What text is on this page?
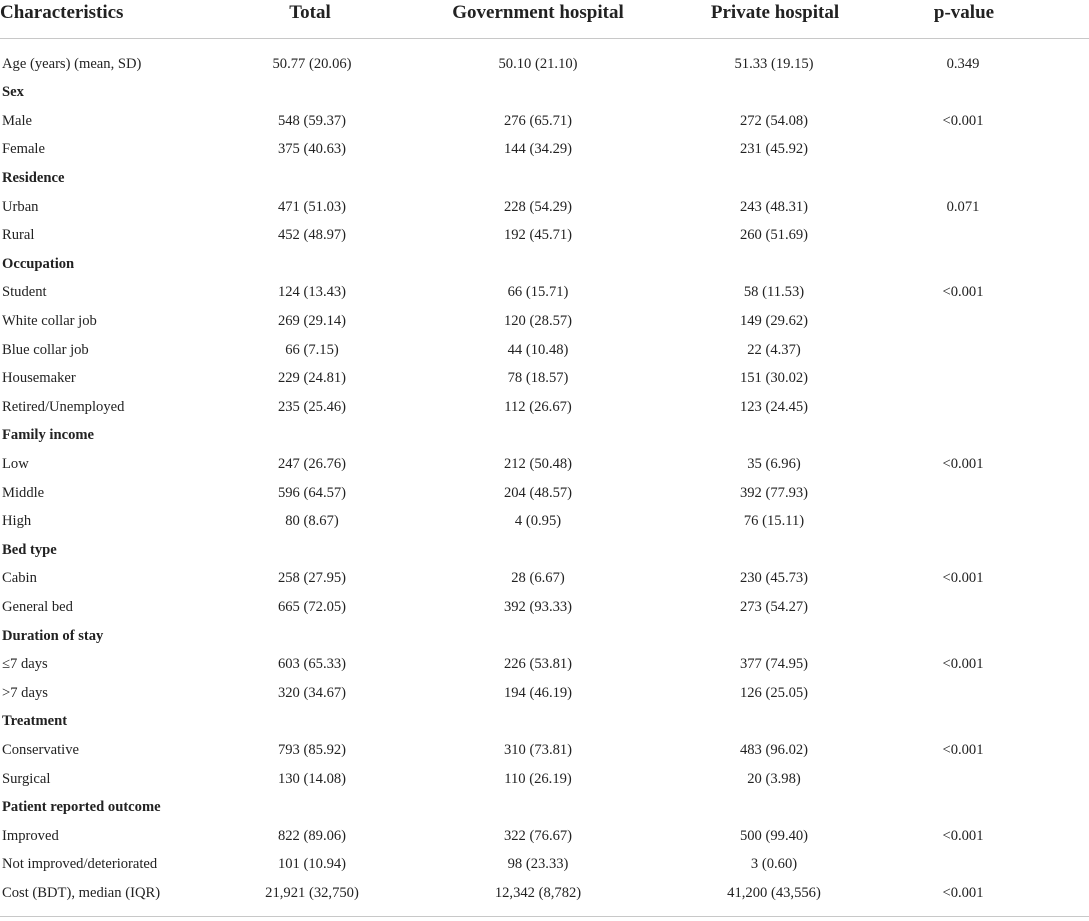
Characteristics	Total	Government hospital	Private hospital	p-value
Age (years) (mean, SD)	50.77 (20.06)	50.10 (21.10)	51.33 (19.15)	0.349
Sex
Male	548 (59.37)	276 (65.71)	272 (54.08)	<0.001
Female	375 (40.63)	144 (34.29)	231 (45.92)
Residence
Urban	471 (51.03)	228 (54.29)	243 (48.31)	0.071
Rural	452 (48.97)	192 (45.71)	260 (51.69)
Occupation
Student	124 (13.43)	66 (15.71)	58 (11.53)	<0.001
White collar job	269 (29.14)	120 (28.57)	149 (29.62)
Blue collar job	66 (7.15)	44 (10.48)	22 (4.37)
Housemaker	229 (24.81)	78 (18.57)	151 (30.02)
Retired/Unemployed	235 (25.46)	112 (26.67)	123 (24.45)
Family income
Low	247 (26.76)	212 (50.48)	35 (6.96)	<0.001
Middle	596 (64.57)	204 (48.57)	392 (77.93)
High	80 (8.67)	4 (0.95)	76 (15.11)
Bed type
Cabin	258 (27.95)	28 (6.67)	230 (45.73)	<0.001
General bed	665 (72.05)	392 (93.33)	273 (54.27)
Duration of stay
≤7 days	603 (65.33)	226 (53.81)	377 (74.95)	<0.001
>7 days	320 (34.67)	194 (46.19)	126 (25.05)
Treatment
Conservative	793 (85.92)	310 (73.81)	483 (96.02)	<0.001
Surgical	130 (14.08)	110 (26.19)	20 (3.98)
Patient reported outcome
Improved	822 (89.06)	322 (76.67)	500 (99.40)	<0.001
Not improved/deteriorated	101 (10.94)	98 (23.33)	3 (0.60)
Cost (BDT), median (IQR)	21,921 (32,750)	12,342 (8,782)	41,200 (43,556)	<0.001
